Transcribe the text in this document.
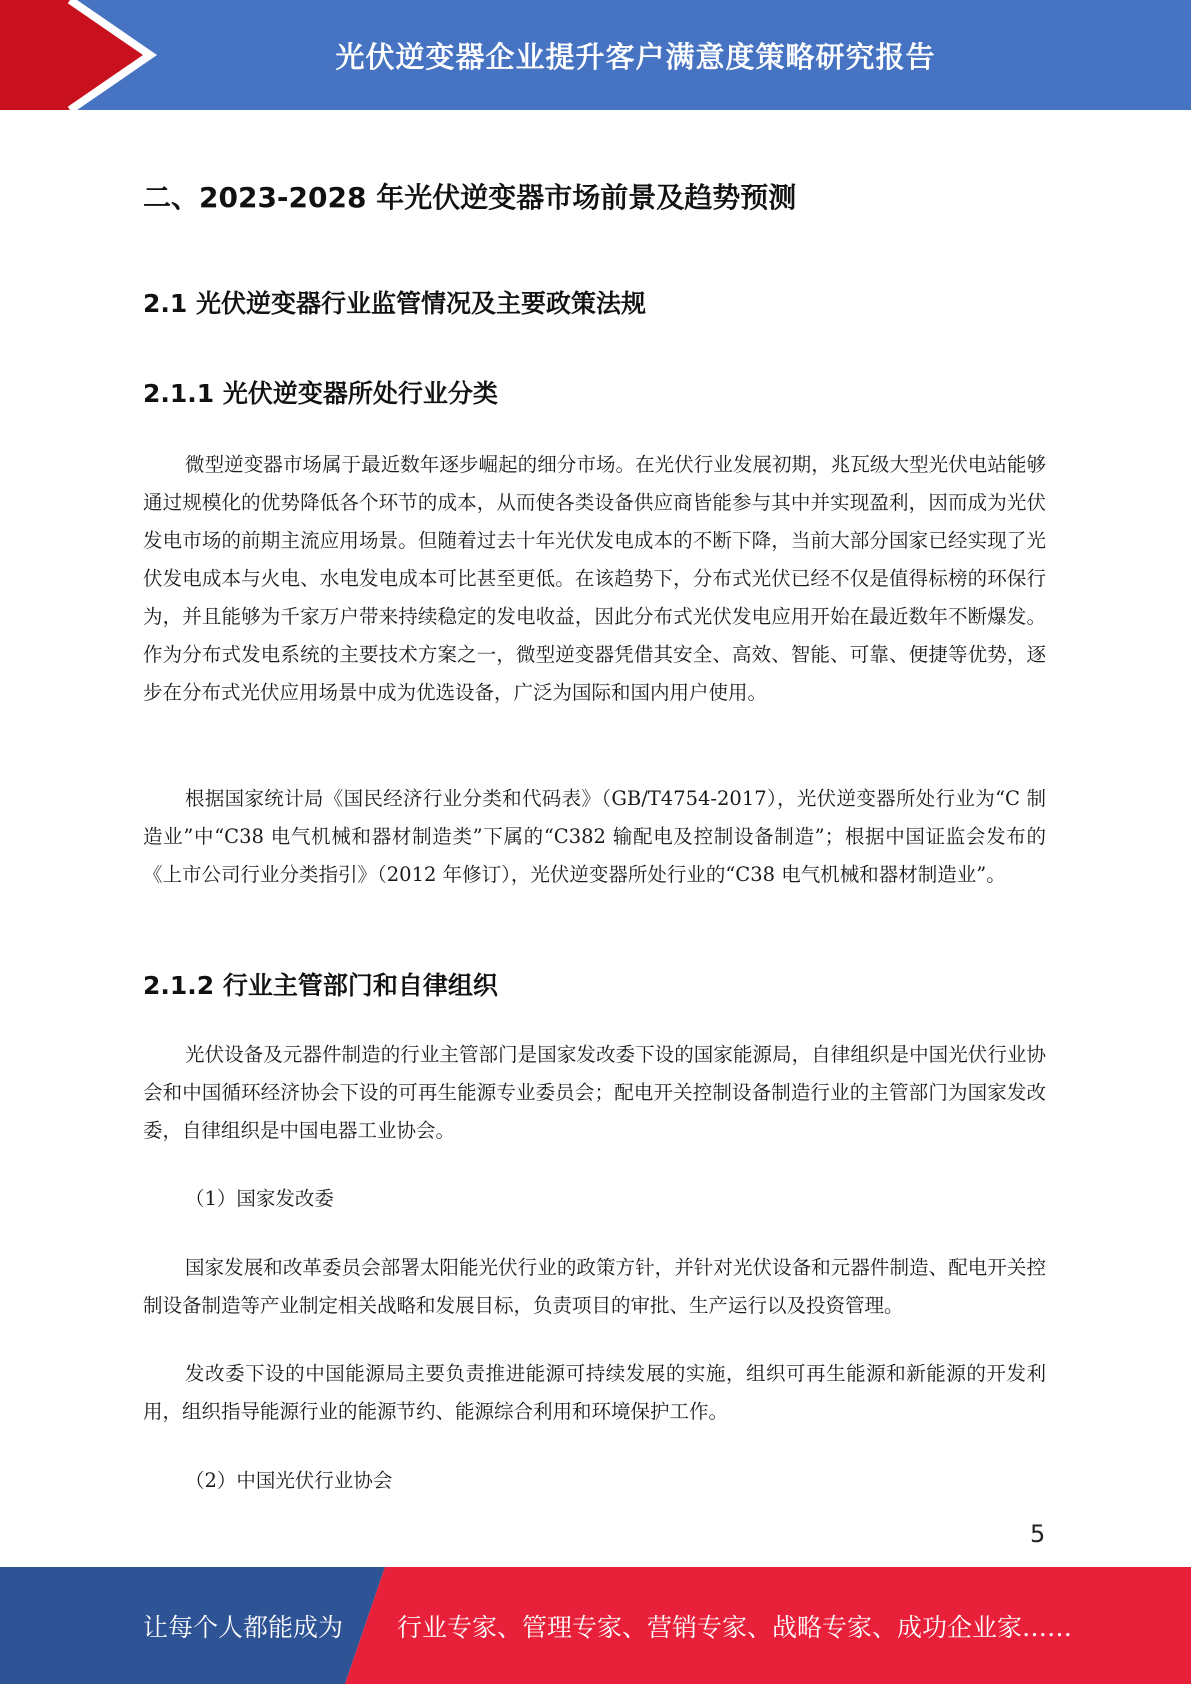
光伏逆变器企业提升客户满意度策略研究报告
二、2023-2028 年光伏逆变器市场前景及趋势预测
2.1 光伏逆变器行业监管情况及主要政策法规
2.1.1 光伏逆变器所处行业分类

微型逆变器市场属于最近数年逐步崛起的细分市场。在光伏行业发展初期，兆瓦级大型光伏电站能够通过规模化的优势降低各个环节的成本，从而使各类设备供应商皆能参与其中并实现盈利，因而成为光伏发电市场的前期主流应用场景。但随着过去十年光伏发电成本的不断下降，当前大部分国家已经实现了光伏发电成本与火电、水电发电成本可比甚至更低。在该趋势下，分布式光伏已经不仅是值得标榜的环保行为，并且能够为千家万户带来持续稳定的发电收益，因此分布式光伏发电应用开始在最近数年不断爆发。作为分布式发电系统的主要技术方案之一，微型逆变器凭借其安全、高效、智能、可靠、便捷等优势，逐步在分布式光伏应用场景中成为优选设备，广泛为国际和国内用户使用。

根据国家统计局《国民经济行业分类和代码表》（GB/T4754-2017），光伏逆变器所处行业为“C 制造业”中“C38 电气机械和器材制造类”下属的“C382 输配电及控制设备制造”；根据中国证监会发布的《上市公司行业分类指引》（2012 年修订），光伏逆变器所处行业的“C38 电气机械和器材制造业”。

2.1.2 行业主管部门和自律组织

光伏设备及元器件制造的行业主管部门是国家发改委下设的国家能源局，自律组织是中国光伏行业协会和中国循环经济协会下设的可再生能源专业委员会；配电开关控制设备制造行业的主管部门为国家发改委，自律组织是中国电器工业协会。

（1）国家发改委

国家发展和改革委员会部署太阳能光伏行业的政策方针，并针对光伏设备和元器件制造、配电开关控制设备制造等产业制定相关战略和发展目标，负责项目的审批、生产运行以及投资管理。

发改委下设的中国能源局主要负责推进能源可持续发展的实施，组织可再生能源和新能源的开发利用，组织指导能源行业的能源节约、能源综合利用和环境保护工作。

（2）中国光伏行业协会
5
让每个人都能成为 行业专家、管理专家、营销专家、战略专家、成功企业家……
